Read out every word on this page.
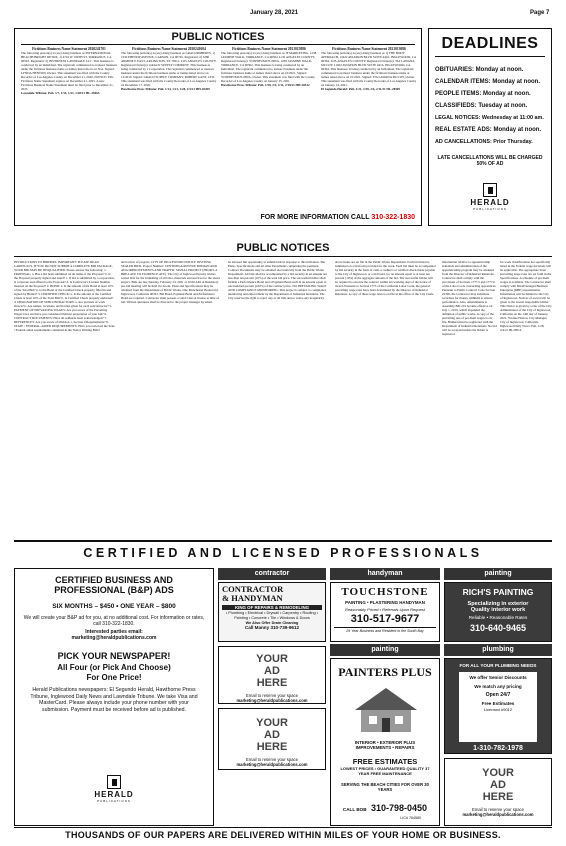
January 28, 2021	Page 7
PUBLIC NOTICES
Fictitious Business Name Statement 2020241701
The following person(s) is (are) doing business as INTERNATIONAL HEALTH BRIGHT DETOX, 1) 4701 W 190TH ST, TORRANCE, CA 90503. Registrant: 2) INVERNESS LAWNDALE LLC. This business is conducted by an Individual. The registrant commenced to transact business under the fictitious business name or names listed above on N/A. Signed: LYNDA HENTON, Owner. This statement was filed with the County Recorder of Los Angeles County on December 21, 2020. NOTICE: This Fictitious Name Statement expires on December 21, 2025. A new Fictitious Business Name Statement must be filed prior to December 21, 2025.
Lawndale Tribune: Pub. 1/7, 1/14, 1/21, 1/28/21 HL-28465
Fictitious Business Name Statement 2020241604
The following person(s) is (are) doing business as GRACOROBERTS, 1) 1932 EBENOP AVENUE, CARSON, CA 90745. Registrant: 2) 3280 ARMINE E EAST, ARLINGTON, TX 76011, LOS ANGELES COUNTY. Registered Owner(s): GRACO SUPPLY COMPANY. This business is being conducted by a Corporation. The registrant commenced to transact business under the fictitious business name or names listed above on 12/2019. Signed: GRACO SUPPLY COMPANY, ROBERT GANT, CFO. This statement was filed with the County Recorder of Los Angeles County on December 17, 2020.
Hawthorne Press Tribune: Pub. 1/14, 1/21, 1/28, 2/4/21 HH-28459
Fictitious Business Name Statement 2021015886
The following person(s) is (are) doing business as JP MARKETING, 1238 JASMINE WALK, TORRANCE, CA 90502, LOS ANGELES COUNTY. Registered Owner(s): YOSHIFUMI FUJIWA, 1238 JASMINE WALK, TORRANCE, CA 90502. This business is being conducted by an Individual. The registrant commenced to transact business under the fictitious business name or names listed above on 10/2021. Signed: YOSHIFUMI FUJIWA, Owner. This statement was filed with the County Recorder of Los Angeles County on January 15, 2021.
Hawthorne Press Tribune: Pub. 1/28, 2/4, 2/11, 2/18/21 HH-28512
Fictitious Business Name Statement 2021013086
The following person(s) is (are) doing business as 1) THE BODY APPROACH, 11922 AVIATION BLVD SUITE #416, INGLEWOOD, CA 90304, LOS ANGELES COUNTY. Registered Owner(s): TIA LAWANA MCCOY, 11922 AVIATION BLVD SUITE #416, INGLEWOOD, CA 90304. This business is being conducted by an Individual. The registrant commenced to transact business under the fictitious business name or names listed above on 01/2021. Signed: TIA LAWANA MCCOY, Owner. This statement was filed with the County Recorder of Los Angeles County on January 14, 2021.
El Segundo Herald: Pub. 1/21, 1/28, 2/4, 2/11/21 HL-28509
FOR MORE INFORMATION CALL 310-322-1830
DEADLINES
OBITUARIES: Monday at noon.
CALENDAR ITEMS: Monday at noon.
PEOPLE ITEMS: Monday at noon.
CLASSIFIEDS: Tuesday at noon.
LEGAL NOTICES: Wednesday at 11:00 am.
REAL ESTATE ADS: Monday at noon.
AD CANCELLATIONS: Prior Thursday.
LATE CANCELLATIONS WILL BE CHARGED 50% OF AD
HERALD
PUBLICATIONS
PUBLIC NOTICES
INSTRUCTIONS TO BIDDERS. IMPORTANT: PLEASE READ CAREFULLY. IF YOU DO NOT SUBMIT A COMPLETE BID PACKAGE, YOUR BID MAY BE DISQUALIFIED. Please answer the following: 1. PROPOSAL: a. Has a bid been submitted on all items of the Proposal? b. Is the Proposal properly signed and dated? c. If bid is submitted by a corporation, is corporate seal affixed to the Proposal? d. Is Contractor's License Number inserted on the Proposal? 2. BOND: a. Is the amount of the Bond at least 10% of the Total Bid? b. Is the Bond or the Certified Check properly filled in and signed by Bidder? 3. CERTIFIED CHECK: a. Is the amount of the Certified Check at least 10% of the Total Bid? b. Is Certified Check properly endorsed? 4. DESIGNATION OF SUBCONTRACTORS: a. Are portions of work shown? b. Are names, locations, and license given for each subcontractor? 5. PAYMENT OF PREVAILING WAGES: Are you aware of the Prevailing Wages laws and have you considered them in preparation of your bid? 6. CONTRACT DOCUMENTS: Have all Addenda been acknowledged? 7. REFERENCES: Are you aware of Division 1, Section 9 Requirements? 8. STATE / FEDERAL-AIDED REQUIREMENTS: Have you reviewed the State / Federal-aided requirements contained in the Notice Inviting Bids?
and review of projects. CITY OF INGLEWOOD NOTICE INVITING SEALED BIDS. Project Number: CENTINELA AVENUE MEDIAN AND ADA IMPROVEMENTS AND TRAFFIC SIGNAL PROJECT (FROM LA BREA AVE TO FLORENCE AVE). The City of Inglewood hereby invites sealed bids for the furnishing of all labor, materials and services for the above project. Bids are due Tuesday, February 23, 2021 at 10:00 AM. A mandatory pre-bid meeting will be held via Zoom. Plans and Specifications may be obtained from the Department of Public Works, One Manchester Boulevard, Inglewood, California 90301. Bid Bond, Payment Bond and Performance Bond are required. Contractor shall possess a valid Class A license at time of bid. Written questions shall be directed to the project manager by email.
be allowed full opportunity to submit bids in response to this invitation. The Plans, Specifications and all other Documents comprising the pertinent Contract Documents may be obtained electronically from the Public Works Department. All bids shall be accompanied by a bid security in an amount not less than ten percent (10%) of the total bid price. The successful bidder shall furnish a Performance Bond and a Payment Bond each in an amount equal to one hundred percent (100%) of the contract price. NO PREVAILING WAGE AND COMPLIANCE MONITORING: This project is subject to compliance monitoring and enforcement by the Department of Industrial Relations. The City reserves the right to reject any or all bids and to waive any irregularity.
above items are on file in the Public Works Department. Each bid must be submitted on a bid form provided for the work. Each bid must be accompanied by bid security in the form of cash, a cashier's or certified check made payable to the City of Inglewood, or a bid bond, for an amount equal to at least ten percent (10%) of the aggregate amount of the bid. The successful bidder will be required to execute the contract within ten working days of the notice of award. Pursuant to Section 1773 of the California Labor Code, the general prevailing wage rates have been determined by the Director of Industrial Relations. A copy of these wage rates is on file in the office of the City Clerk.
information relative to apprenticeship standards and administration of the apprenticeship program may be obtained from the Director of Industrial Relations. Contractor shall comply with the provisions of Sections 1777.5 and 1777.6 of the Labor Code concerning apprentices. Pursuant to Public Contract Code Section 22300, the Contractor may substitute securities for money withheld to ensure performance. Also, Amendments to Assembly Bill 219 became effective on July 1, 2019, which expanded the definition of public works. A copy of the prevailing rate of per diem wages is on file. Bidders must be registered with the Department of Industrial Relations. No bid will be accepted unless the bidder is registered.
for work classifications not specifically listed in the Federal wage decisions will be applicable. The appropriate State prevailing wage rates are set forth in the Specifications. A schedule of per diem wages is available. The Contractor shall comply with Disadvantaged Business Enterprise (DBE) requirements. Information will be limited to the City of Inglewood. Notices of award will be given to the lowest responsible bidder. This Notice is given by order of the City Administrator of the City of Inglewood, California on the 14th day of January, 2021. Yvonne Horton, City Manager, City of Inglewood, California. Inglewood Daily News: Pub. 1/28, 2/4/21 HI-28516
CERTIFIED AND LICENSED PROFESSIONALS
CERTIFIED BUSINESS AND PROFESSIONAL (B&P) ADS
SIX MONTHS – $450 • ONE YEAR – $800
We will create your B&P ad for you, at no additional cost. For information or rates, call 310-322-1830.
Interested parties email:
marketing@heraldpublications.com
PICK YOUR NEWSPAPER!
All Four (or Pick And Choose)
For One Price!
Herald Publications newspapers: El Segundo Herald, Hawthorne Press Tribune, Inglewood Daily News and Lawndale Tribune. We take Visa and MasterCard. Please always include your phone number with your submission. Payment must be received before ad is published.
HERALD
PUBLICATIONS
contractor	handyman	painting
painting	plumbing
CONTRACTOR
& HANDYMAN
KING OF REPAIRS & REMODELING
• Plumbing • Electrical • Drywall • Carpentry • Roofing • Painting • Concrete • Tile • Windows & Doors
We Also Offer Drain Cleaning
Call Manny 310-739-9612
TOUCHSTONE
PAINTING • PLASTERING HANDYMAN
Reasonably Priced • Referrals Upon Request
310-517-9677
29 Year Business and Resident in the South Bay
RICH'S PAINTING
Specializing in exterior
Quality interior work
Reliable • Reasonable Rates
310-640-9465
YOUR
AD
HERE
Email to reserve your space
marketing@heraldpublications.com
YOUR
AD
HERE
Email to reserve your space
marketing@heraldpublications.com
PAINTERS PLUS
INTERIOR • EXTERIOR PLUS IMPROVEMENTS • REPAIRS
FREE ESTIMATES
LOWEST PRICES • GUARANTEED QUALITY 37 YEAR FREE MAINTENANCE
SERVING THE BEACH CITIES FOR OVER 30 YEARS
CALL BOB 310-798-0450
LIC# 764580
FOR ALL YOUR PLUMBING NEEDS
We offer Senior Discounts
We match any pricing
Open 24/7
Free Estimates
Licensed #9012
1-310-782-1978
YOUR
AD
HERE
Email to reserve your space
marketing@heraldpublications.com
THOUSANDS OF OUR PAPERS ARE DELIVERED WITHIN MILES OF YOUR HOME OR BUSINESS.
